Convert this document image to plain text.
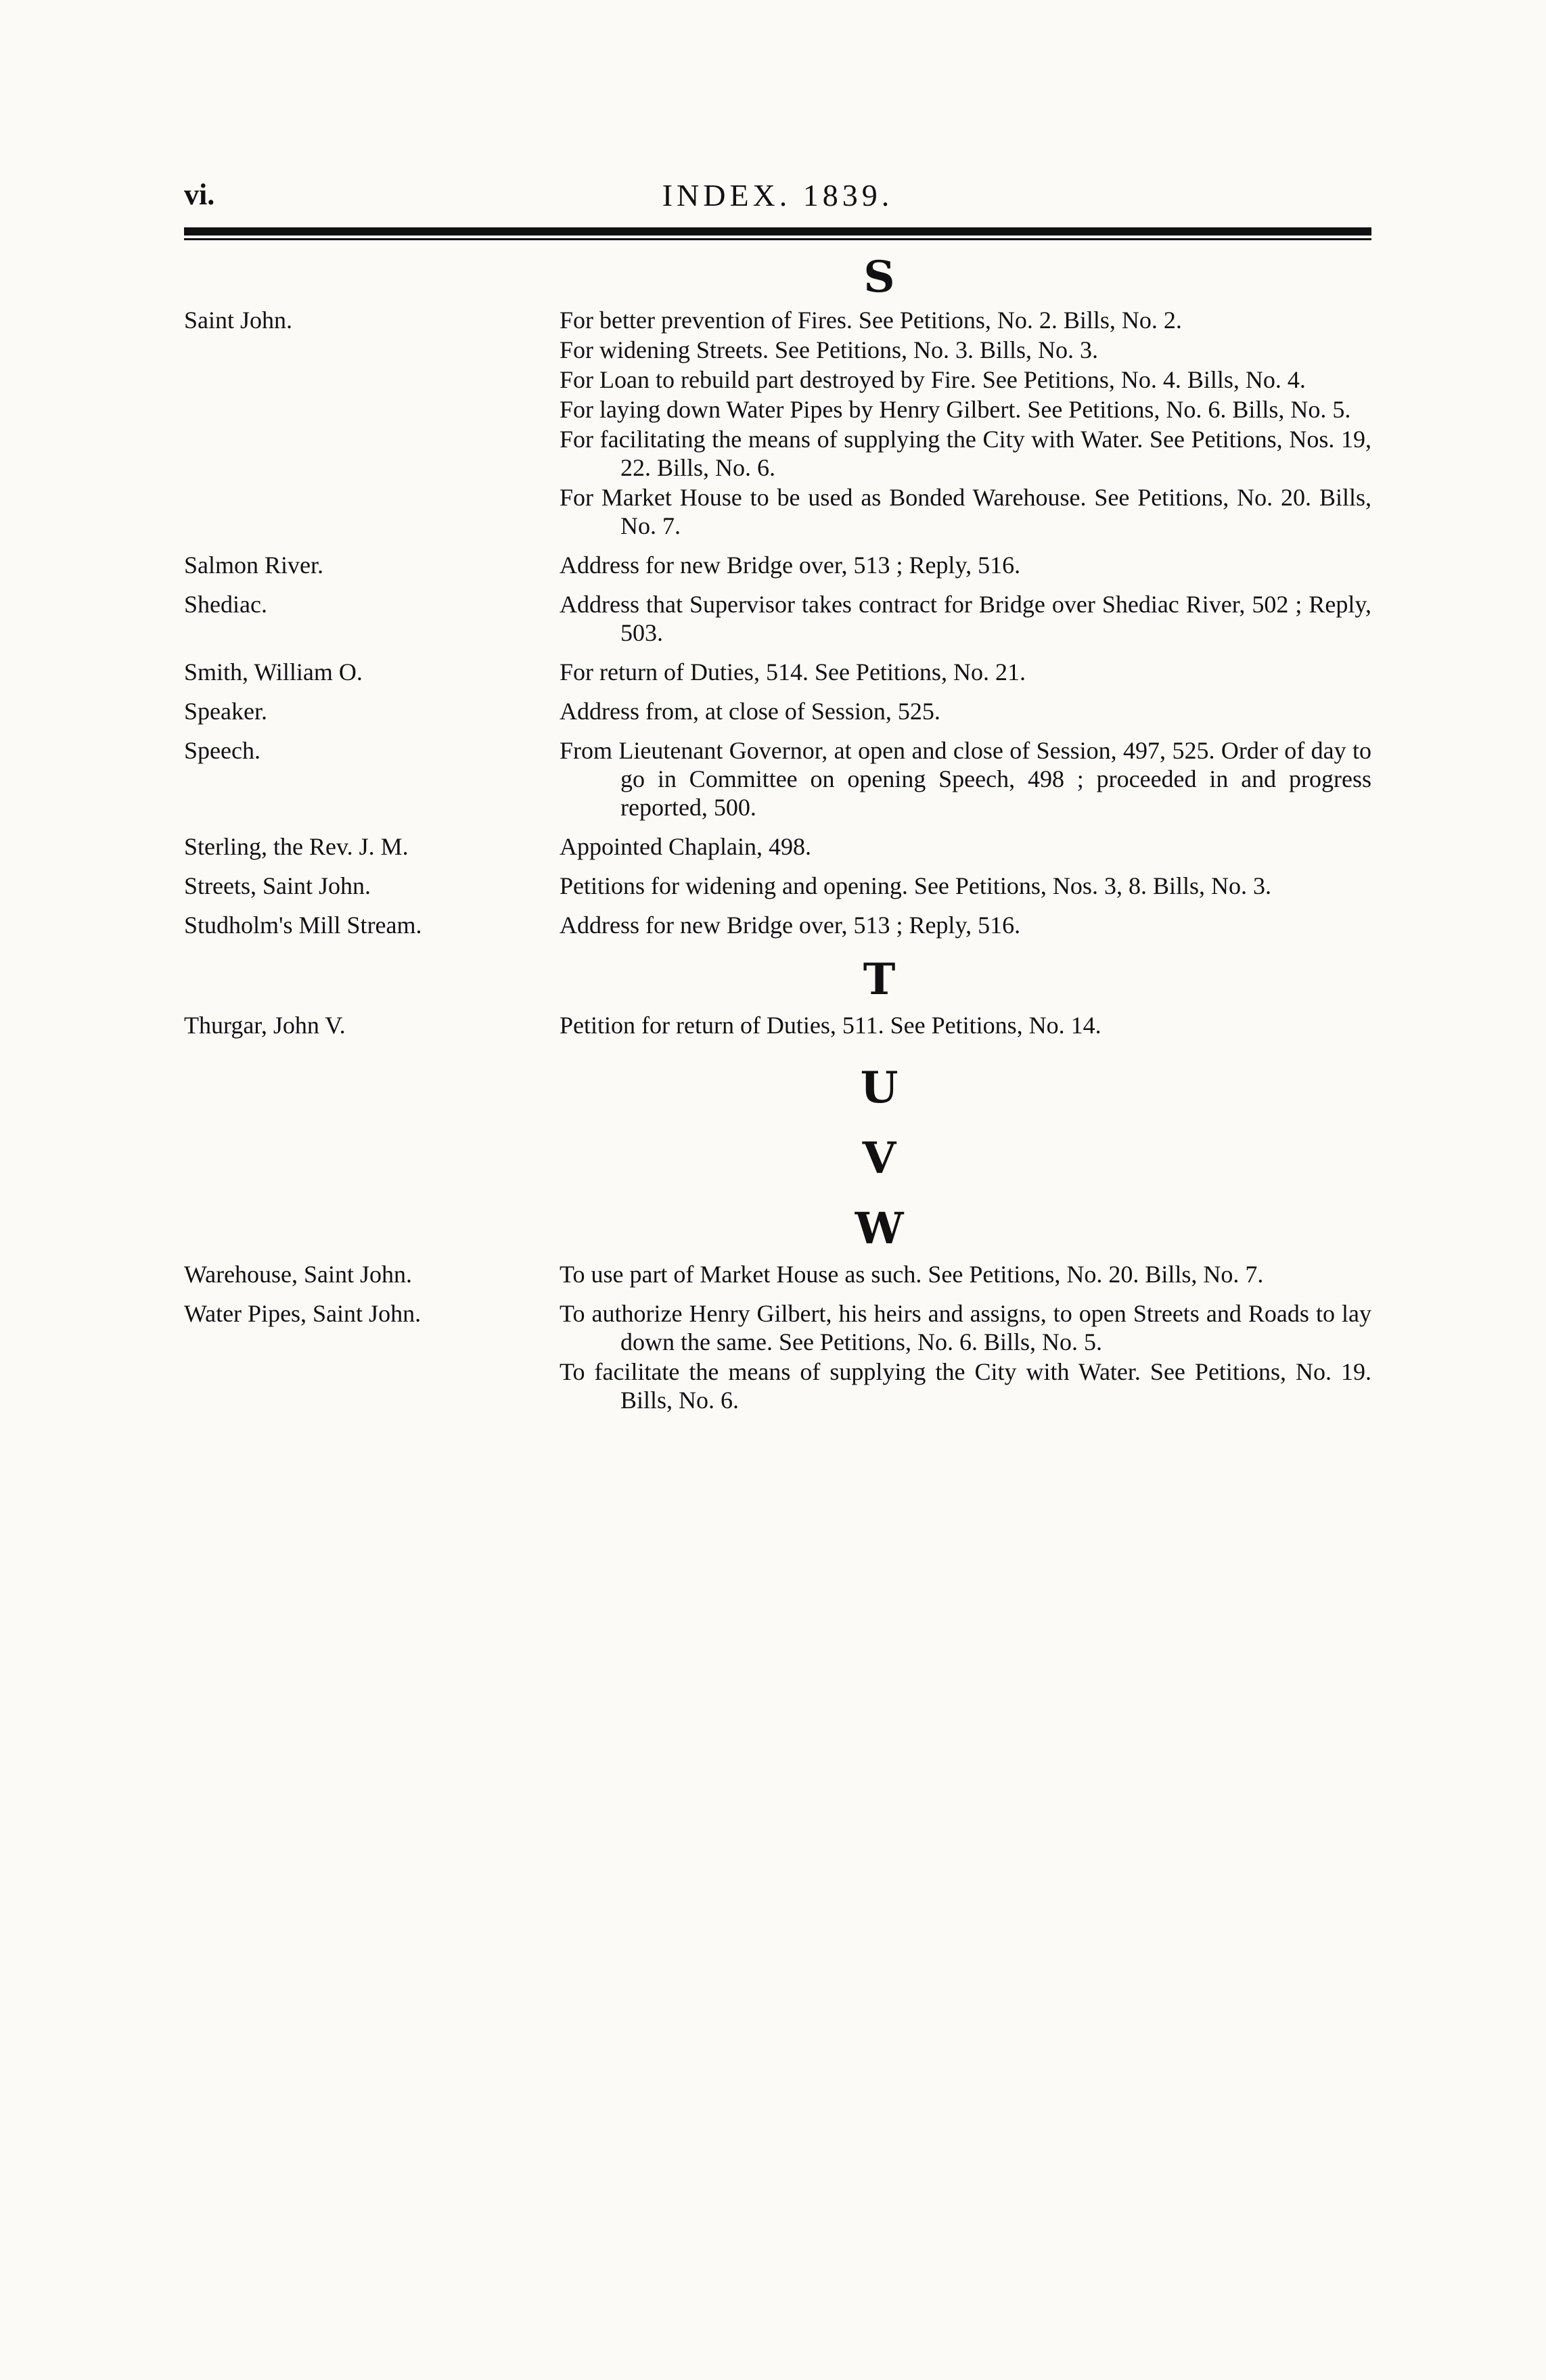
vi.	INDEX. 1839.
S
Saint John.	For better prevention of Fires. See Petitions, No. 2. Bills, No. 2.
For widening Streets. See Petitions, No. 3. Bills, No. 3.
For Loan to rebuild part destroyed by Fire. See Petitions, No. 4. Bills, No. 4.
For laying down Water Pipes by Henry Gilbert. See Petitions, No. 6. Bills, No. 5.
For facilitating the means of supplying the City with Water. See Petitions, Nos. 19, 22. Bills, No. 6.
For Market House to be used as Bonded Warehouse. See Petitions, No. 20. Bills, No. 7.
Salmon River.	Address for new Bridge over, 513 ; Reply, 516.
Shediac.	Address that Supervisor takes contract for Bridge over Shediac River, 502 ; Reply, 503.
Smith, William O.	For return of Duties, 514. See Petitions, No. 21.
Speaker.	Address from, at close of Session, 525.
Speech.	From Lieutenant Governor, at open and close of Session, 497, 525. Order of day to go in Committee on opening Speech, 498 ; proceeded in and progress reported, 500.
Sterling, the Rev. J. M.	Appointed Chaplain, 498.
Streets, Saint John.	Petitions for widening and opening. See Petitions, Nos. 3, 8. Bills, No. 3.
Studholm's Mill Stream.	Address for new Bridge over, 513 ; Reply, 516.
T
Thurgar, John V.	Petition for return of Duties, 511. See Petitions, No. 14.
U
V
W
Warehouse, Saint John.	To use part of Market House as such. See Petitions, No. 20. Bills, No. 7.
Water Pipes, Saint John.	To authorize Henry Gilbert, his heirs and assigns, to open Streets and Roads to lay down the same. See Petitions, No. 6. Bills, No. 5.
To facilitate the means of supplying the City with Water. See Petitions, No. 19. Bills, No. 6.
